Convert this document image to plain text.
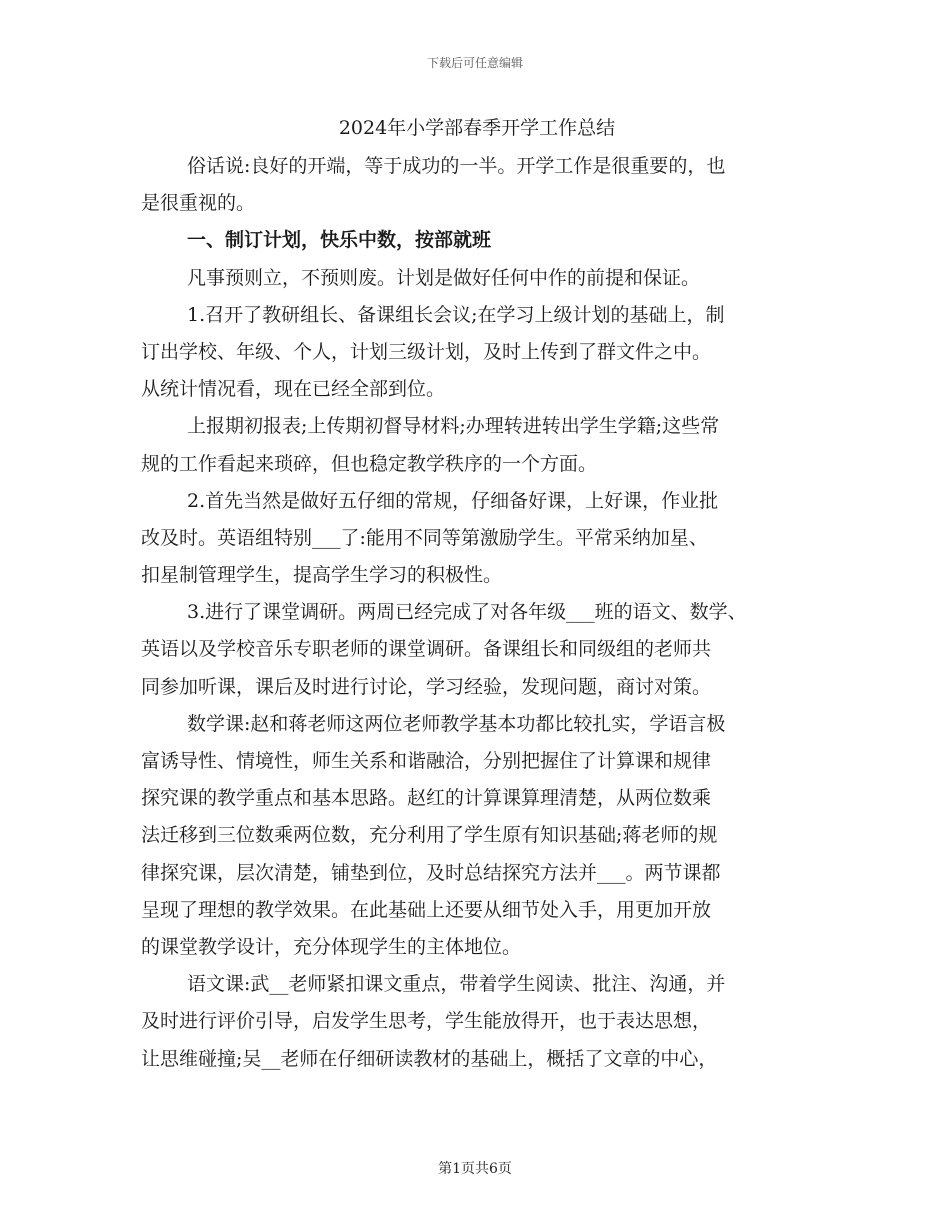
下载后可任意编辑
2024年小学部春季开学工作总结

俗话说:良好的开端，等于成功的一半。开学工作是很重要的，也

是很重视的。

一、制订计划，快乐中数，按部就班

凡事预则立，不预则废。计划是做好任何中作的前提和保证。

1.召开了教研组长、备课组长会议;在学习上级计划的基础上，制

订出学校、年级、个人，计划三级计划，及时上传到了群文件之中。

从统计情况看，现在已经全部到位。

上报期初报表;上传期初督导材料;办理转进转出学生学籍;这些常

规的工作看起来琐碎，但也稳定教学秩序的一个方面。

2.首先当然是做好五仔细的常规，仔细备好课，上好课，作业批

改及时。英语组特别___了:能用不同等第激励学生。平常采纳加星、

扣星制管理学生，提高学生学习的积极性。

3.进行了课堂调研。两周已经完成了对各年级___班的语文、数学、

英语以及学校音乐专职老师的课堂调研。备课组长和同级组的老师共

同参加听课，课后及时进行讨论，学习经验，发现问题，商讨对策。

数学课:赵和蒋老师这两位老师教学基本功都比较扎实，学语言极

富诱导性、情境性，师生关系和谐融洽，分别把握住了计算课和规律

探究课的教学重点和基本思路。赵红的计算课算理清楚，从两位数乘

法迁移到三位数乘两位数，充分利用了学生原有知识基础;蒋老师的规

律探究课，层次清楚，铺垫到位，及时总结探究方法并___。两节课都

呈现了理想的教学效果。在此基础上还要从细节处入手，用更加开放

的课堂教学设计，充分体现学生的主体地位。

语文课:武__老师紧扣课文重点，带着学生阅读、批注、沟通，并

及时进行评价引导，启发学生思考，学生能放得开，也于表达思想，

让思维碰撞;吴__老师在仔细研读教材的基础上，概括了文章的中心，

第1页共6页
